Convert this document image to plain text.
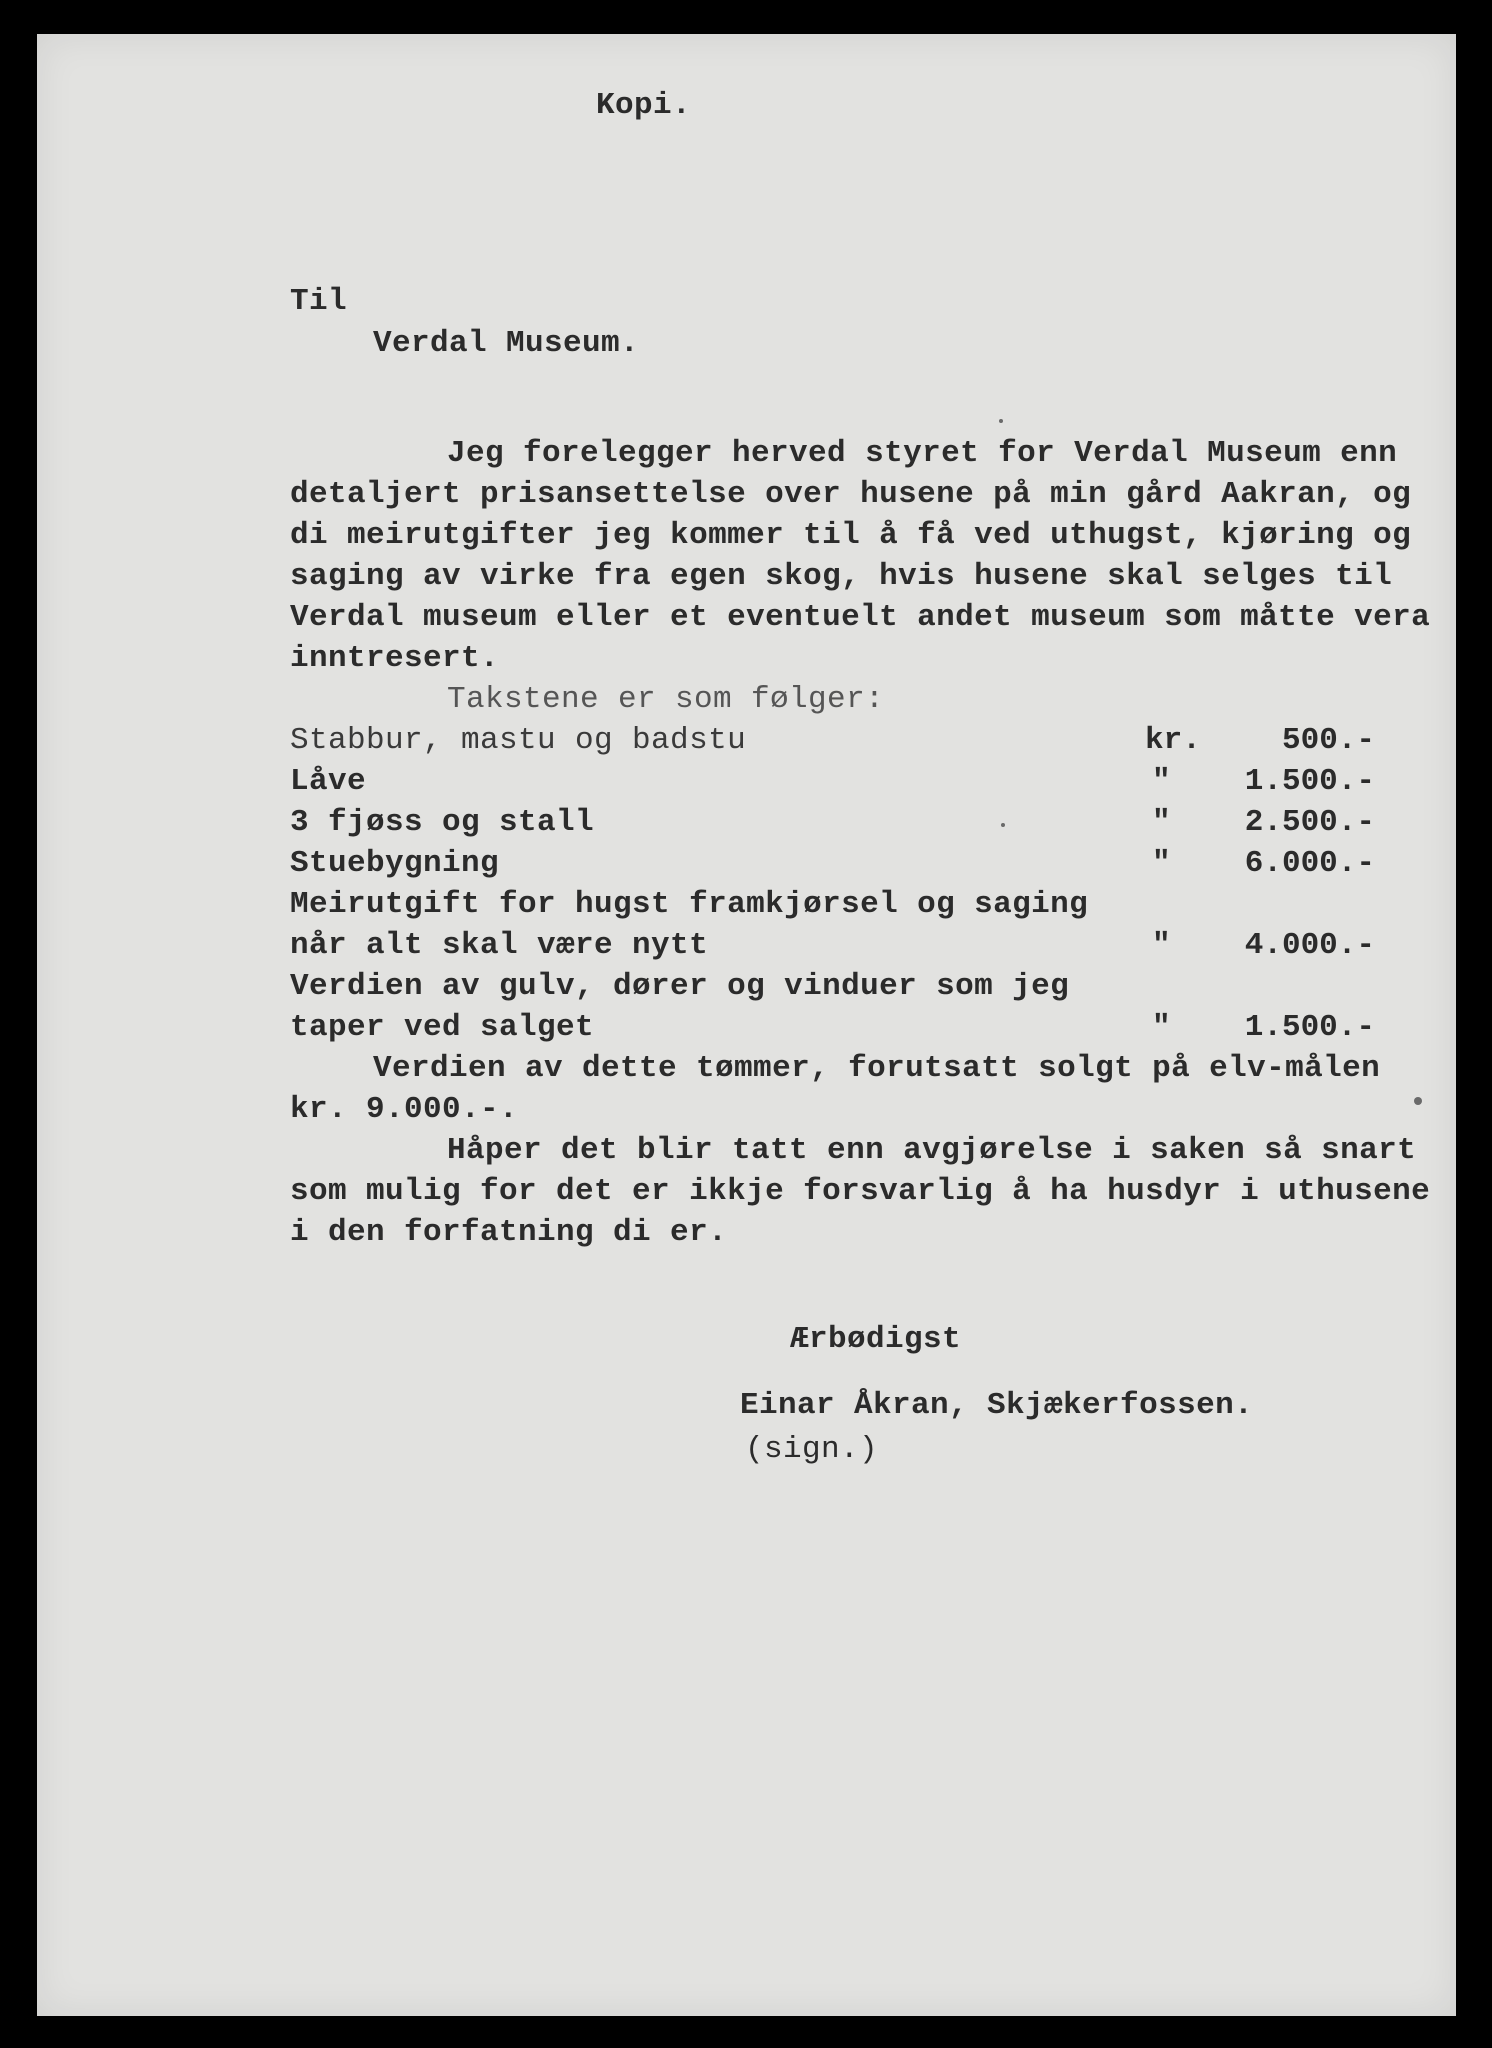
Kopi.
Til
Verdal Museum.
Jeg forelegger herved styret for Verdal Museum enn
detaljert prisansettelse over husene på min gård Aakran, og
di meirutgifter jeg kommer til å få ved uthugst, kjøring og
saging av virke fra egen skog, hvis husene skal selges til
Verdal museum eller et eventuelt andet museum som måtte vera
inntresert.
Takstene er som følger:
Stabbur, mastu og badstu	kr.	500.-
Låve	" 1.500.-
3 fjøss og stall	" 2.500.-
Stuebygning	" 6.000.-
Meirutgift for hugst framkjørsel og saging
når alt skal være nytt	" 4.000.-
Verdien av gulv, dører og vinduer som jeg
taper ved salget	" 1.500.-
Verdien av dette tømmer, forutsatt solgt på elv-målen
kr. 9.000.-.
Håper det blir tatt enn avgjørelse i saken så snart
som mulig for det er ikkje forsvarlig å ha husdyr i uthusene
i den forfatning di er.
Ærbødigst
Einar Åkran, Skjækerfossen.
(sign.)
